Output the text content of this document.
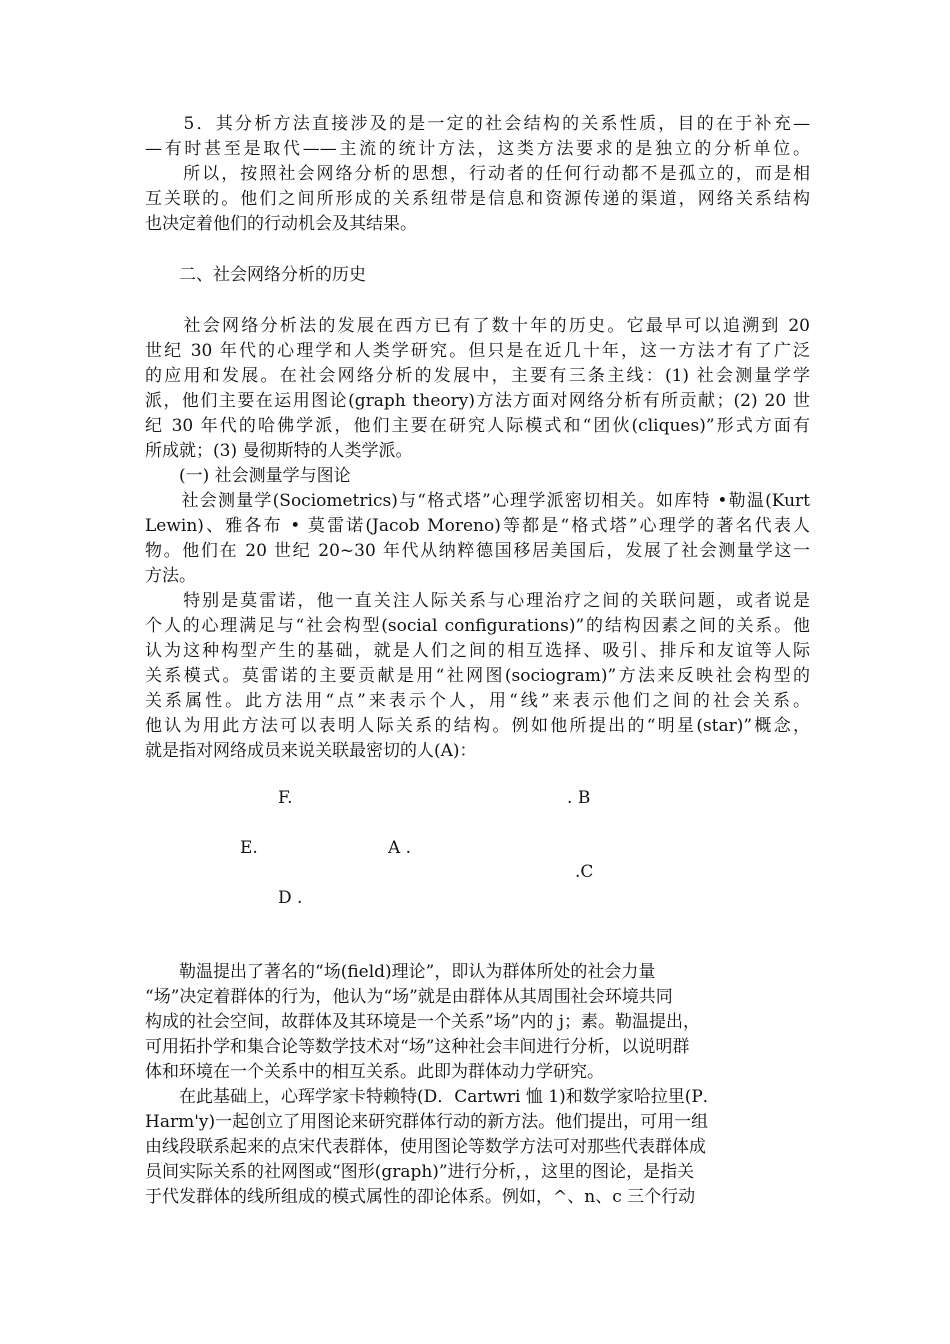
　　5．其分析方法直接涉及的是一定的社会结构的关系性质，目的在于补充—
—有时甚至是取代——主流的统计方法，这类方法要求的是独立的分析单位。
　　所以，按照社会网络分析的思想，行动者的任何行动都不是孤立的，而是相
互关联的。他们之间所形成的关系纽带是信息和资源传递的渠道，网络关系结构
也决定着他们的行动机会及其结果。
　　二、社会网络分析的历史
　　社会网络分析法的发展在西方已有了数十年的历史。它最早可以追溯到 20
世纪 30 年代的心理学和人类学研究。但只是在近几十年，这一方法才有了广泛
的应用和发展。在社会网络分析的发展中，主要有三条主线：(1) 社会测量学学
派，他们主要在运用图论(graph theory)方法方面对网络分析有所贡献；(2) 20 世
纪 30 年代的哈佛学派，他们主要在研究人际模式和“团伙(cliques)”形式方面有
所成就；(3) 曼彻斯特的人类学派。
　　(一) 社会测量学与图论
　　社会测量学(Sociometrics)与“格式塔”心理学派密切相关。如库特 •勒温(Kurt
Lewin)、雅各布 • 莫雷诺(Jacob Moreno)等都是“格式塔”心理学的著名代表人
物。他们在 20 世纪 20~30 年代从纳粹德国移居美国后，发展了社会测量学这一
方法。
　　特别是莫雷诺，他一直关注人际关系与心理治疗之间的关联问题，或者说是
个人的心理满足与“社会构型(social configurations)”的结构因素之间的关系。他
认为这种构型产生的基础，就是人们之间的相互选择、吸引、排斥和友谊等人际
关系模式。莫雷诺的主要贡献是用“社网图(sociogram)”方法来反映社会构型的
关系属性。此方法用“点”来表示个人，用“线”来表示他们之间的社会关系。
他认为用此方法可以表明人际关系的结构。例如他所提出的“明星(star)”概念，
就是指对网络成员来说关联最密切的人(A)：
F.	. B
E.	A .
.C
D .
　　勒温提出了著名的“场(field)理论”，即认为群体所处的社会力量
“场”决定着群体的行为，他认为“场”就是由群体从其周围社会环境共同
构成的社会空间，故群体及其环境是一个关系”场”内的 j；素。勒温提出，
可用拓扑学和集合论等数学技术对“场”这种社会丰间进行分析，以说明群
体和环境在一个关系中的相互关系。此即为群体动力学研究。
　　在此基础上，心珲学家卡特赖特(D．Cartwri 恤 1)和数学家哈拉里(P．
Harm'y)一起创立了用图论来研究群体行动的新方法。他们提出，可用一组
由线段联系起来的点宋代表群体，使用图论等数学方法可对那些代表群体成
员间实际关系的社网图或“图形(graph)”进行分析，，这里的图论，是指关
于代发群体的线所组成的模式属性的卲论体系。例如，^、n、c 三个行动
